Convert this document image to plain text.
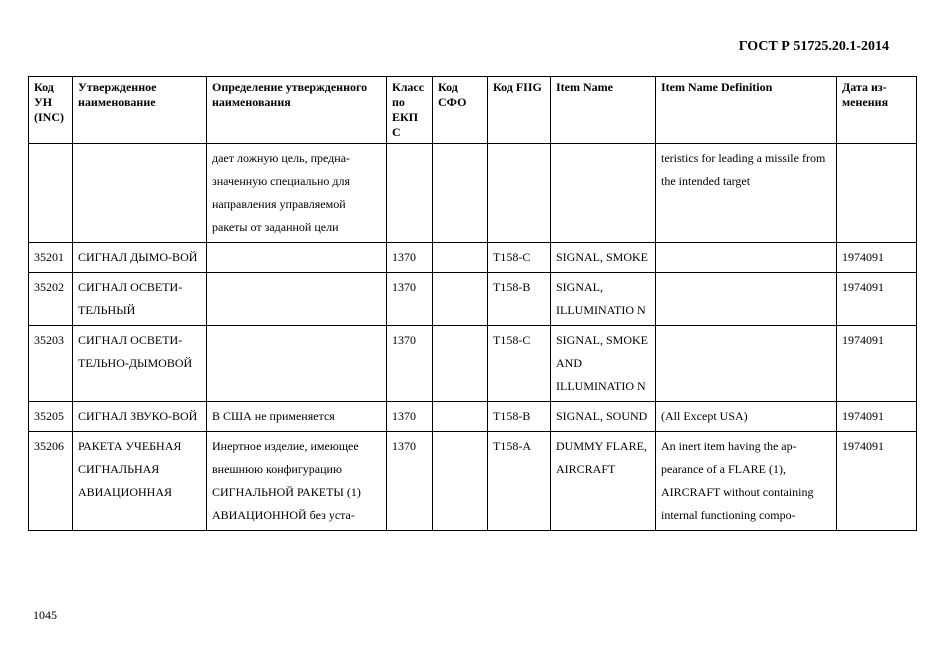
ГОСТ Р 51725.20.1-2014
Код УН (INC)	Утвержденное наименование	Определение утвержденного наименования	Класс по ЕКП С	Код СФО	Код FIIG	Item Name	Item Name Definition	Дата из-менения
		дает ложную цель, предна-значенную специально для направления управляемой ракеты от заданной цели					teristics for leading a missile from the intended target	
35201	СИГНАЛ ДЫМО-ВОЙ		1370		T158-C	SIGNAL, SMOKE		1974091
35202	СИГНАЛ ОСВЕТИ-ТЕЛЬНЫЙ		1370		T158-B	SIGNAL, ILLUMINATIO N		1974091
35203	СИГНАЛ ОСВЕТИ-ТЕЛЬНО-ДЫМОВОЙ		1370		T158-C	SIGNAL, SMOKE AND ILLUMINATIO N		1974091
35205	СИГНАЛ ЗВУКО-ВОЙ	В США не применяется	1370		T158-B	SIGNAL, SOUND	(All Except USA)	1974091
35206	РАКЕТА УЧЕБНАЯ СИГНАЛЬНАЯ АВИАЦИОННАЯ	Инертное изделие, имеющее внешнюю конфигурацию СИГНАЛЬНОЙ РАКЕТЫ (1) АВИАЦИОННОЙ без уста-	1370		T158-A	DUMMY FLARE, AIRCRAFT	An inert item having the ap-pearance of a FLARE (1), AIRCRAFT without containing internal functioning compo-	1974091
1045
